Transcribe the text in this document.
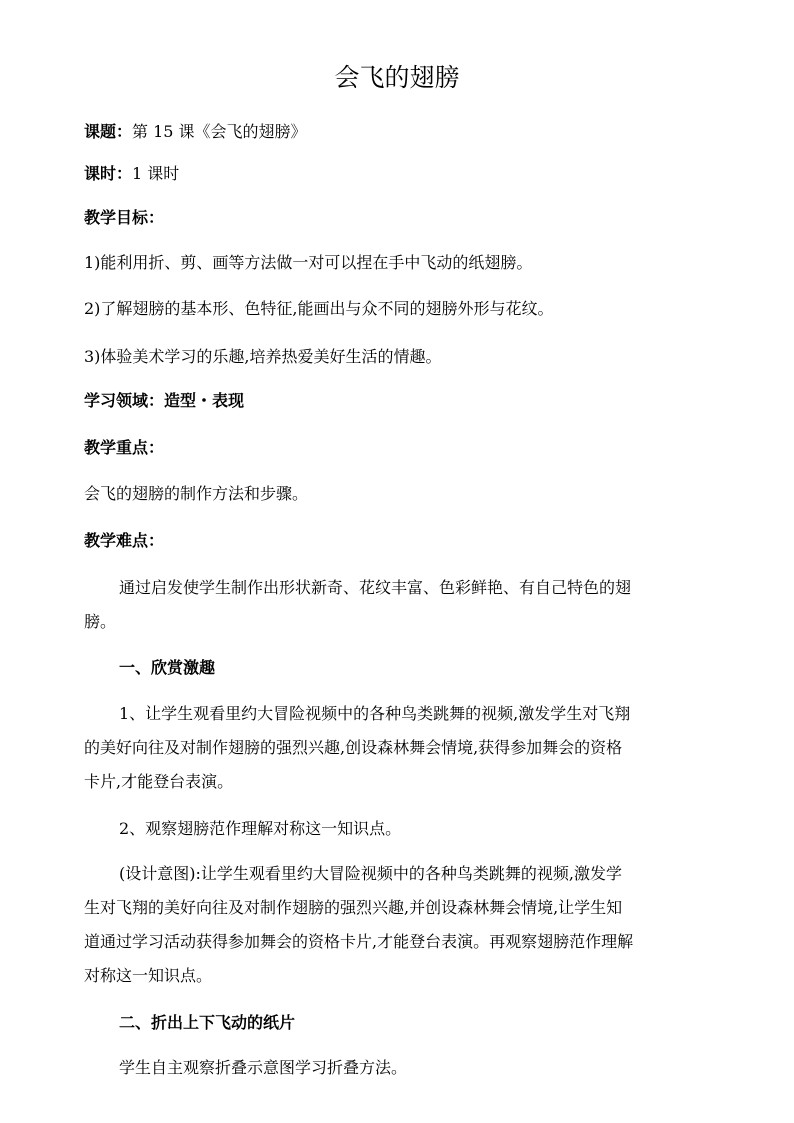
会飞的翅膀
课题：第 15 课《会飞的翅膀》
课时：1 课时
教学目标：
1)能利用折、剪、画等方法做一对可以捏在手中飞动的纸翅膀。
2)了解翅膀的基本形、色特征,能画出与众不同的翅膀外形与花纹。
3)体验美术学习的乐趣,培养热爱美好生活的情趣。
学习领域：造型・表现
教学重点：
会飞的翅膀的制作方法和步骤。
教学难点：
通过启发使学生制作出形状新奇、花纹丰富、色彩鲜艳、有自己特色的翅
膀。
一、欣赏激趣
1、让学生观看里约大冒险视频中的各种鸟类跳舞的视频,激发学生对飞翔
的美好向往及对制作翅膀的强烈兴趣,创设森林舞会情境,获得参加舞会的资格
卡片,才能登台表演。
2、观察翅膀范作理解对称这一知识点。
(设计意图):让学生观看里约大冒险视频中的各种鸟类跳舞的视频,激发学
生对飞翔的美好向往及对制作翅膀的强烈兴趣,并创设森林舞会情境,让学生知
道通过学习活动获得参加舞会的资格卡片,才能登台表演。再观察翅膀范作理解
对称这一知识点。
二、折出上下飞动的纸片
学生自主观察折叠示意图学习折叠方法。
